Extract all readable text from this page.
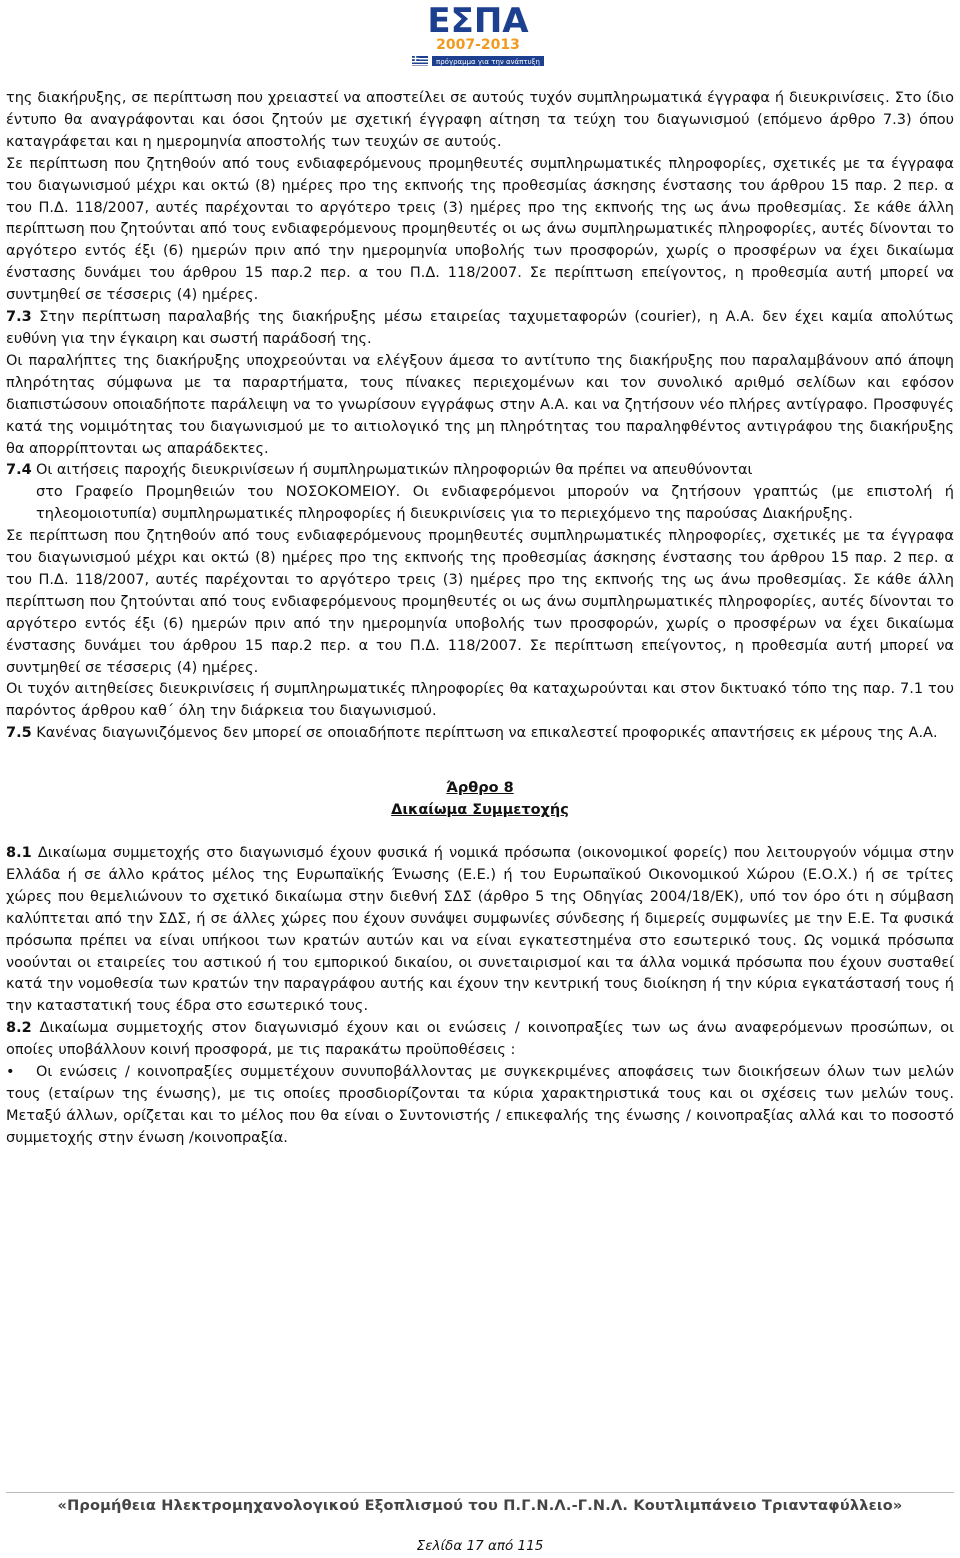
ΕΣΠΑ
2007-2013
πρόγραμμα για την ανάπτυξη

της διακήρυξης, σε περίπτωση που χρειαστεί να αποστείλει σε αυτούς τυχόν συμπληρωματικά έγγραφα ή διευκρινίσεις. Στο ίδιο έντυπο θα αναγράφονται και όσοι ζητούν με σχετική έγγραφη αίτηση τα τεύχη του διαγωνισμού (επόμενο άρθρο 7.3) όπου καταγράφεται και η ημερομηνία αποστολής των τευχών σε αυτούς.

Σε περίπτωση που ζητηθούν από τους ενδιαφερόμενους προμηθευτές συμπληρωματικές πληροφορίες, σχετικές με τα έγγραφα του διαγωνισμού μέχρι και οκτώ (8) ημέρες προ της εκπνοής της προθεσμίας άσκησης ένστασης του άρθρου 15 παρ. 2 περ. α του Π.Δ. 118/2007, αυτές παρέχονται το αργότερο τρεις (3) ημέρες προ της εκπνοής της ως άνω προθεσμίας. Σε κάθε άλλη περίπτωση που ζητούνται από τους ενδιαφερόμενους προμηθευτές οι ως άνω συμπληρωματικές πληροφορίες, αυτές δίνονται το αργότερο εντός έξι (6) ημερών πριν από την ημερομηνία υποβολής των προσφορών, χωρίς ο προσφέρων να έχει δικαίωμα ένστασης δυνάμει του άρθρου 15 παρ.2 περ. α του Π.Δ. 118/2007. Σε περίπτωση επείγοντος, η προθεσμία αυτή μπορεί να συντμηθεί σε τέσσερις (4) ημέρες.

7.3 Στην περίπτωση παραλαβής της διακήρυξης μέσω εταιρείας ταχυμεταφορών (courier), η Α.Α. δεν έχει καμία απολύτως ευθύνη για την έγκαιρη και σωστή παράδοσή της.

Οι παραλήπτες της διακήρυξης υποχρεούνται να ελέγξουν άμεσα το αντίτυπο της διακήρυξης που παραλαμβάνουν από άποψη πληρότητας σύμφωνα με τα παραρτήματα, τους πίνακες περιεχομένων και τον συνολικό αριθμό σελίδων και εφόσον διαπιστώσουν οποιαδήποτε παράλειψη να το γνωρίσουν εγγράφως στην Α.Α. και να ζητήσουν νέο πλήρες αντίγραφο. Προσφυγές κατά της νομιμότητας του διαγωνισμού με το αιτιολογικό της μη πληρότητας του παραληφθέντος αντιγράφου της διακήρυξης θα απορρίπτονται ως απαράδεκτες.

7.4 Οι αιτήσεις παροχής διευκρινίσεων ή συμπληρωματικών πληροφοριών θα πρέπει να απευθύνονται

στο Γραφείο Προμηθειών του ΝΟΣΟΚΟΜΕΙΟΥ. Οι ενδιαφερόμενοι μπορούν να ζητήσουν γραπτώς (με επιστολή ή τηλεομοιοτυπία) συμπληρωματικές πληροφορίες ή διευκρινίσεις για το περιεχόμενο της παρούσας Διακήρυξης.

Σε περίπτωση που ζητηθούν από τους ενδιαφερόμενους προμηθευτές συμπληρωματικές πληροφορίες, σχετικές με τα έγγραφα του διαγωνισμού μέχρι και οκτώ (8) ημέρες προ της εκπνοής της προθεσμίας άσκησης ένστασης του άρθρου 15 παρ. 2 περ. α του Π.Δ. 118/2007, αυτές παρέχονται το αργότερο τρεις (3) ημέρες προ της εκπνοής της ως άνω προθεσμίας. Σε κάθε άλλη περίπτωση που ζητούνται από τους ενδιαφερόμενους προμηθευτές οι ως άνω συμπληρωματικές πληροφορίες, αυτές δίνονται το αργότερο εντός έξι (6) ημερών πριν από την ημερομηνία υποβολής των προσφορών, χωρίς ο προσφέρων να έχει δικαίωμα ένστασης δυνάμει του άρθρου 15 παρ.2 περ. α του Π.Δ. 118/2007. Σε περίπτωση επείγοντος, η προθεσμία αυτή μπορεί να συντμηθεί σε τέσσερις (4) ημέρες.

Οι τυχόν αιτηθείσες διευκρινίσεις ή συμπληρωματικές πληροφορίες θα καταχωρούνται και στον δικτυακό τόπο της παρ. 7.1 του παρόντος άρθρου καθ΄ όλη την διάρκεια του διαγωνισμού.

7.5 Κανένας διαγωνιζόμενος δεν μπορεί σε οποιαδήποτε περίπτωση να επικαλεστεί προφορικές απαντήσεις εκ μέρους της Α.Α.

Άρθρο 8

Δικαίωμα Συμμετοχής

8.1 Δικαίωμα συμμετοχής στο διαγωνισμό έχουν φυσικά ή νομικά πρόσωπα (οικονομικοί φορείς) που λειτουργούν νόμιμα στην Ελλάδα ή σε άλλο κράτος μέλος της Ευρωπαϊκής Ένωσης (Ε.Ε.) ή του Ευρωπαϊκού Οικονομικού Χώρου (Ε.Ο.Χ.) ή σε τρίτες χώρες που θεμελιώνουν το σχετικό δικαίωμα στην διεθνή ΣΔΣ (άρθρο 5 της Οδηγίας 2004/18/ΕΚ), υπό τον όρο ότι η σύμβαση καλύπτεται από την ΣΔΣ, ή σε άλλες χώρες που έχουν συνάψει συμφωνίες σύνδεσης ή διμερείς συμφωνίες με την Ε.Ε. Τα φυσικά πρόσωπα πρέπει να είναι υπήκοοι των κρατών αυτών και να είναι εγκατεστημένα στο εσωτερικό τους. Ως νομικά πρόσωπα νοούνται οι εταιρείες του αστικού ή του εμπορικού δικαίου, οι συνεταιρισμοί και τα άλλα νομικά πρόσωπα που έχουν συσταθεί κατά την νομοθεσία των κρατών την παραγράφου αυτής και έχουν την κεντρική τους διοίκηση ή την κύρια εγκατάστασή τους ή την καταστατική τους έδρα στο εσωτερικό τους.

8.2 Δικαίωμα συμμετοχής στον διαγωνισμό έχουν και οι ενώσεις / κοινοπραξίες των ως άνω αναφερόμενων προσώπων, οι οποίες υποβάλλουν κοινή προσφορά, με τις παρακάτω προϋποθέσεις :

• Οι ενώσεις / κοινοπραξίες συμμετέχουν συνυποβάλλοντας με συγκεκριμένες αποφάσεις των διοικήσεων όλων των μελών τους (εταίρων της ένωσης), με τις οποίες προσδιορίζονται τα κύρια χαρακτηριστικά τους και οι σχέσεις των μελών τους. Μεταξύ άλλων, ορίζεται και το μέλος που θα είναι ο Συντονιστής / επικεφαλής της ένωσης / κοινοπραξίας αλλά και το ποσοστό συμμετοχής στην ένωση /κοινοπραξία.

«Προμήθεια Ηλεκτρομηχανολογικού Εξοπλισμού του Π.Γ.Ν.Λ.-Γ.Ν.Λ. Κουτλιμπάνειο Τριανταφύλλειο»
Σελίδα 17 από 115
